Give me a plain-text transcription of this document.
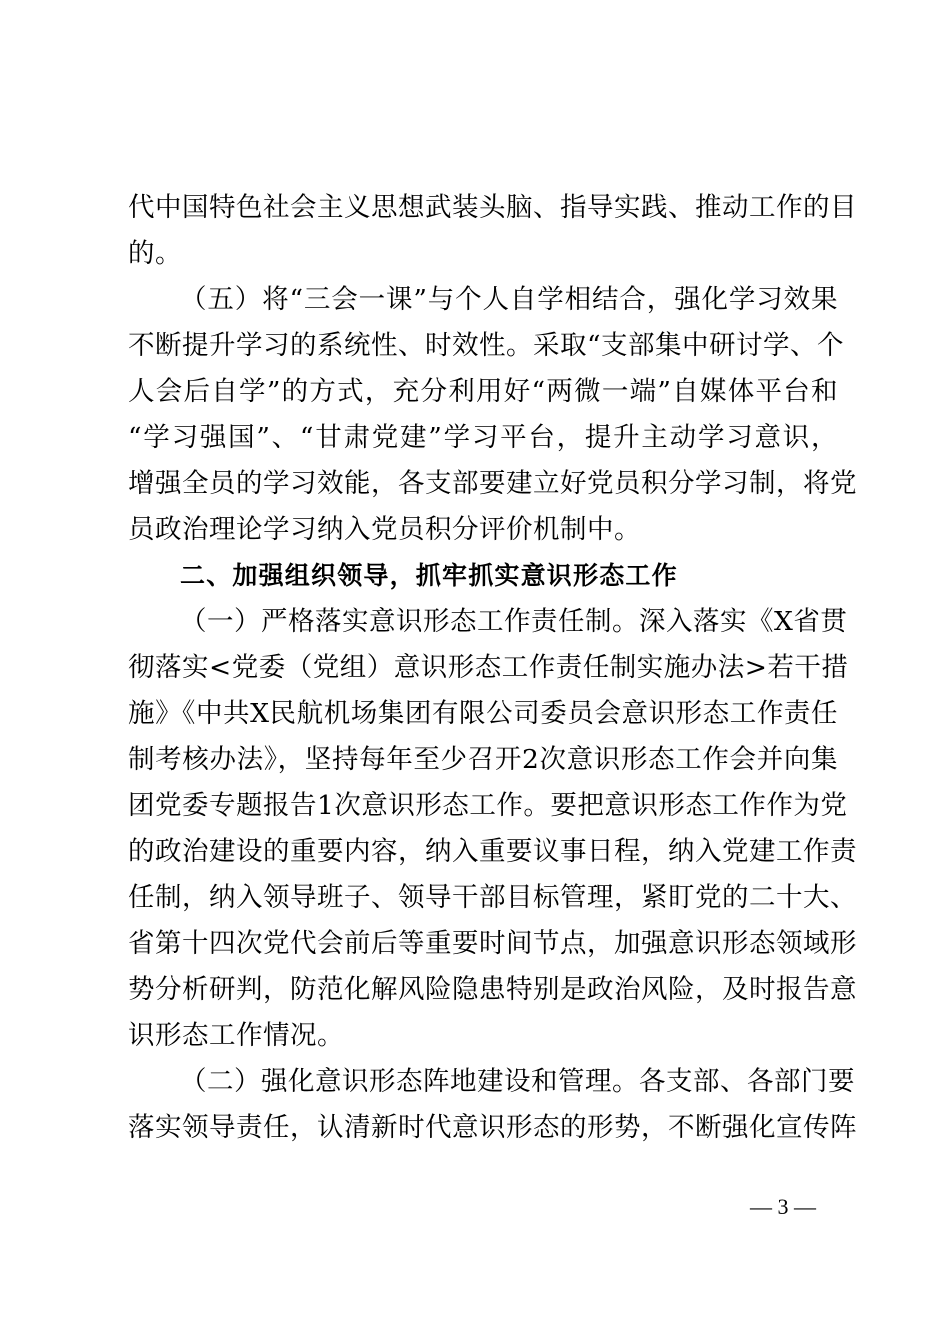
代中国特色社会主义思想武装头脑、指导实践、推动工作的目
的。
（五）将“三会一课”与个人自学相结合，强化学习效果
不断提升学习的系统性、时效性。采取“支部集中研讨学、个
人会后自学”的方式，充分利用好“两微一端”自媒体平台和
“学习强国”、“甘肃党建”学习平台，提升主动学习意识，
增强全员的学习效能，各支部要建立好党员积分学习制，将党
员政治理论学习纳入党员积分评价机制中。
二、加强组织领导，抓牢抓实意识形态工作
（一）严格落实意识形态工作责任制。深入落实《X省贯
彻落实<党委（党组）意识形态工作责任制实施办法>若干措
施》《中共X民航机场集团有限公司委员会意识形态工作责任
制考核办法》，坚持每年至少召开2次意识形态工作会并向集
团党委专题报告1次意识形态工作。要把意识形态工作作为党
的政治建设的重要内容，纳入重要议事日程，纳入党建工作责
任制，纳入领导班子、领导干部目标管理，紧盯党的二十大、
省第十四次党代会前后等重要时间节点，加强意识形态领域形
势分析研判，防范化解风险隐患特别是政治风险，及时报告意
识形态工作情况。
（二）强化意识形态阵地建设和管理。各支部、各部门要
落实领导责任，认清新时代意识形态的形势，不断强化宣传阵
— 3 —
